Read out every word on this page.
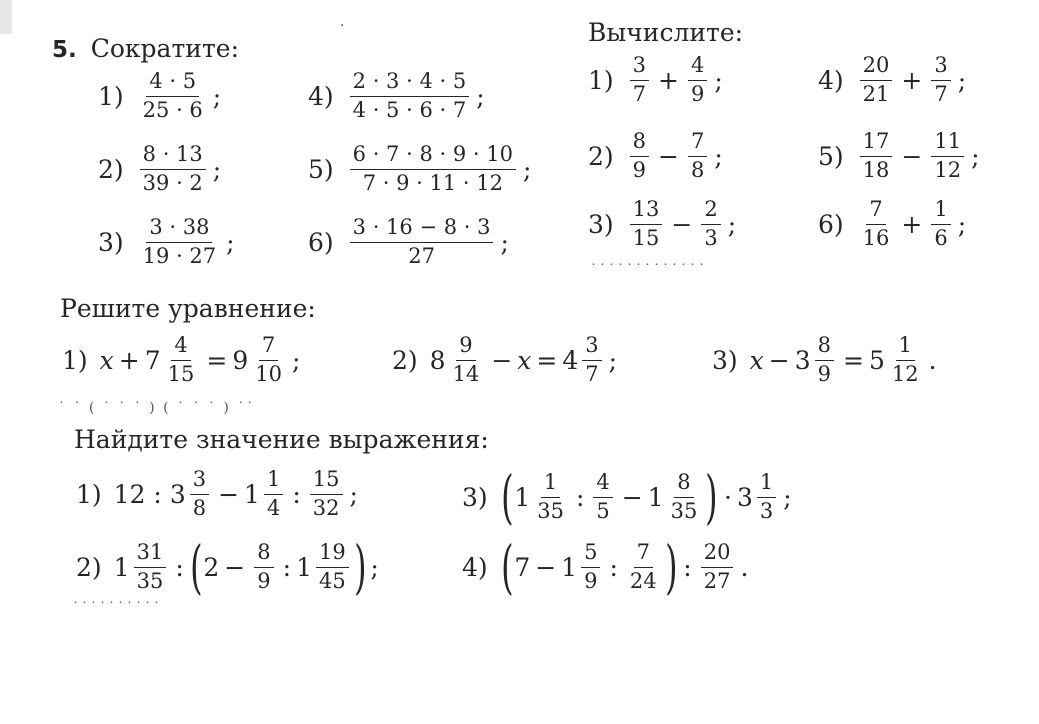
·
˙˙˙˙˙˙˙˙˙˙˙˙˙
˙ ˙ ( ˙ ˙ ˙ ) ( ˙ ˙ ˙ ) ˙˙
˙˙˙˙˙˙˙˙˙˙
5. Сократите:
$1) \frac{4 \cdot 5}{25 \cdot 6}$ ;
$2) \frac{8 \cdot 13}{39 \cdot 2}$ ;
$3) \frac{3 \cdot 38}{19 \cdot 27}$ ;
$4) \frac{2 \cdot 3 \cdot 4 \cdot 5}{4 \cdot 5 \cdot 6 \cdot 7}$ ;
$5) \frac{6 \cdot 7 \cdot 8 \cdot 9 \cdot 10}{7 \cdot 9 \cdot 11 \cdot 12}$ ;
$6) \frac{3 \cdot 16 - 8 \cdot 3}{27}$ ;
Вычислите:
$1) \frac{3}{7} + \frac{4}{9}$ ;
$2) \frac{8}{9} - \frac{7}{8}$ ;
$3) \frac{13}{15} - \frac{2}{3}$ ;
$4) \frac{20}{21} + \frac{3}{7}$ ;
$5) \frac{17}{18} - \frac{11}{12}$ ;
$6) \frac{7}{16} + \frac{1}{6}$ ;
Решите уравнение:
1) $x + 7 \frac{4}{15} = 9 \frac{7}{10}$ ;	2) $8 \frac{9}{14} - x = 4 \frac{3}{7}$ ;	3) $x - 3 \frac{8}{9} = 5 \frac{1}{12}$ .
Найдите значение выражения:
1) 12 :
$3 \frac{3}{8} - 1 \frac{1}{4}$ : $\frac{15}{32}$ ;
2) $1 \frac{31}{35}$ : ( $2 - \frac{8}{9}$ : $1 \frac{19}{45}$ ) ;
3) ( $1 \frac{1}{35}$ : $\frac{4}{5} - 1 \frac{8}{35}$ ) · $3 \frac{1}{3}$ ;
4) ( $7 - 1 \frac{5}{9}$ : $\frac{7}{24}$ ) : $\frac{20}{27}$ .
